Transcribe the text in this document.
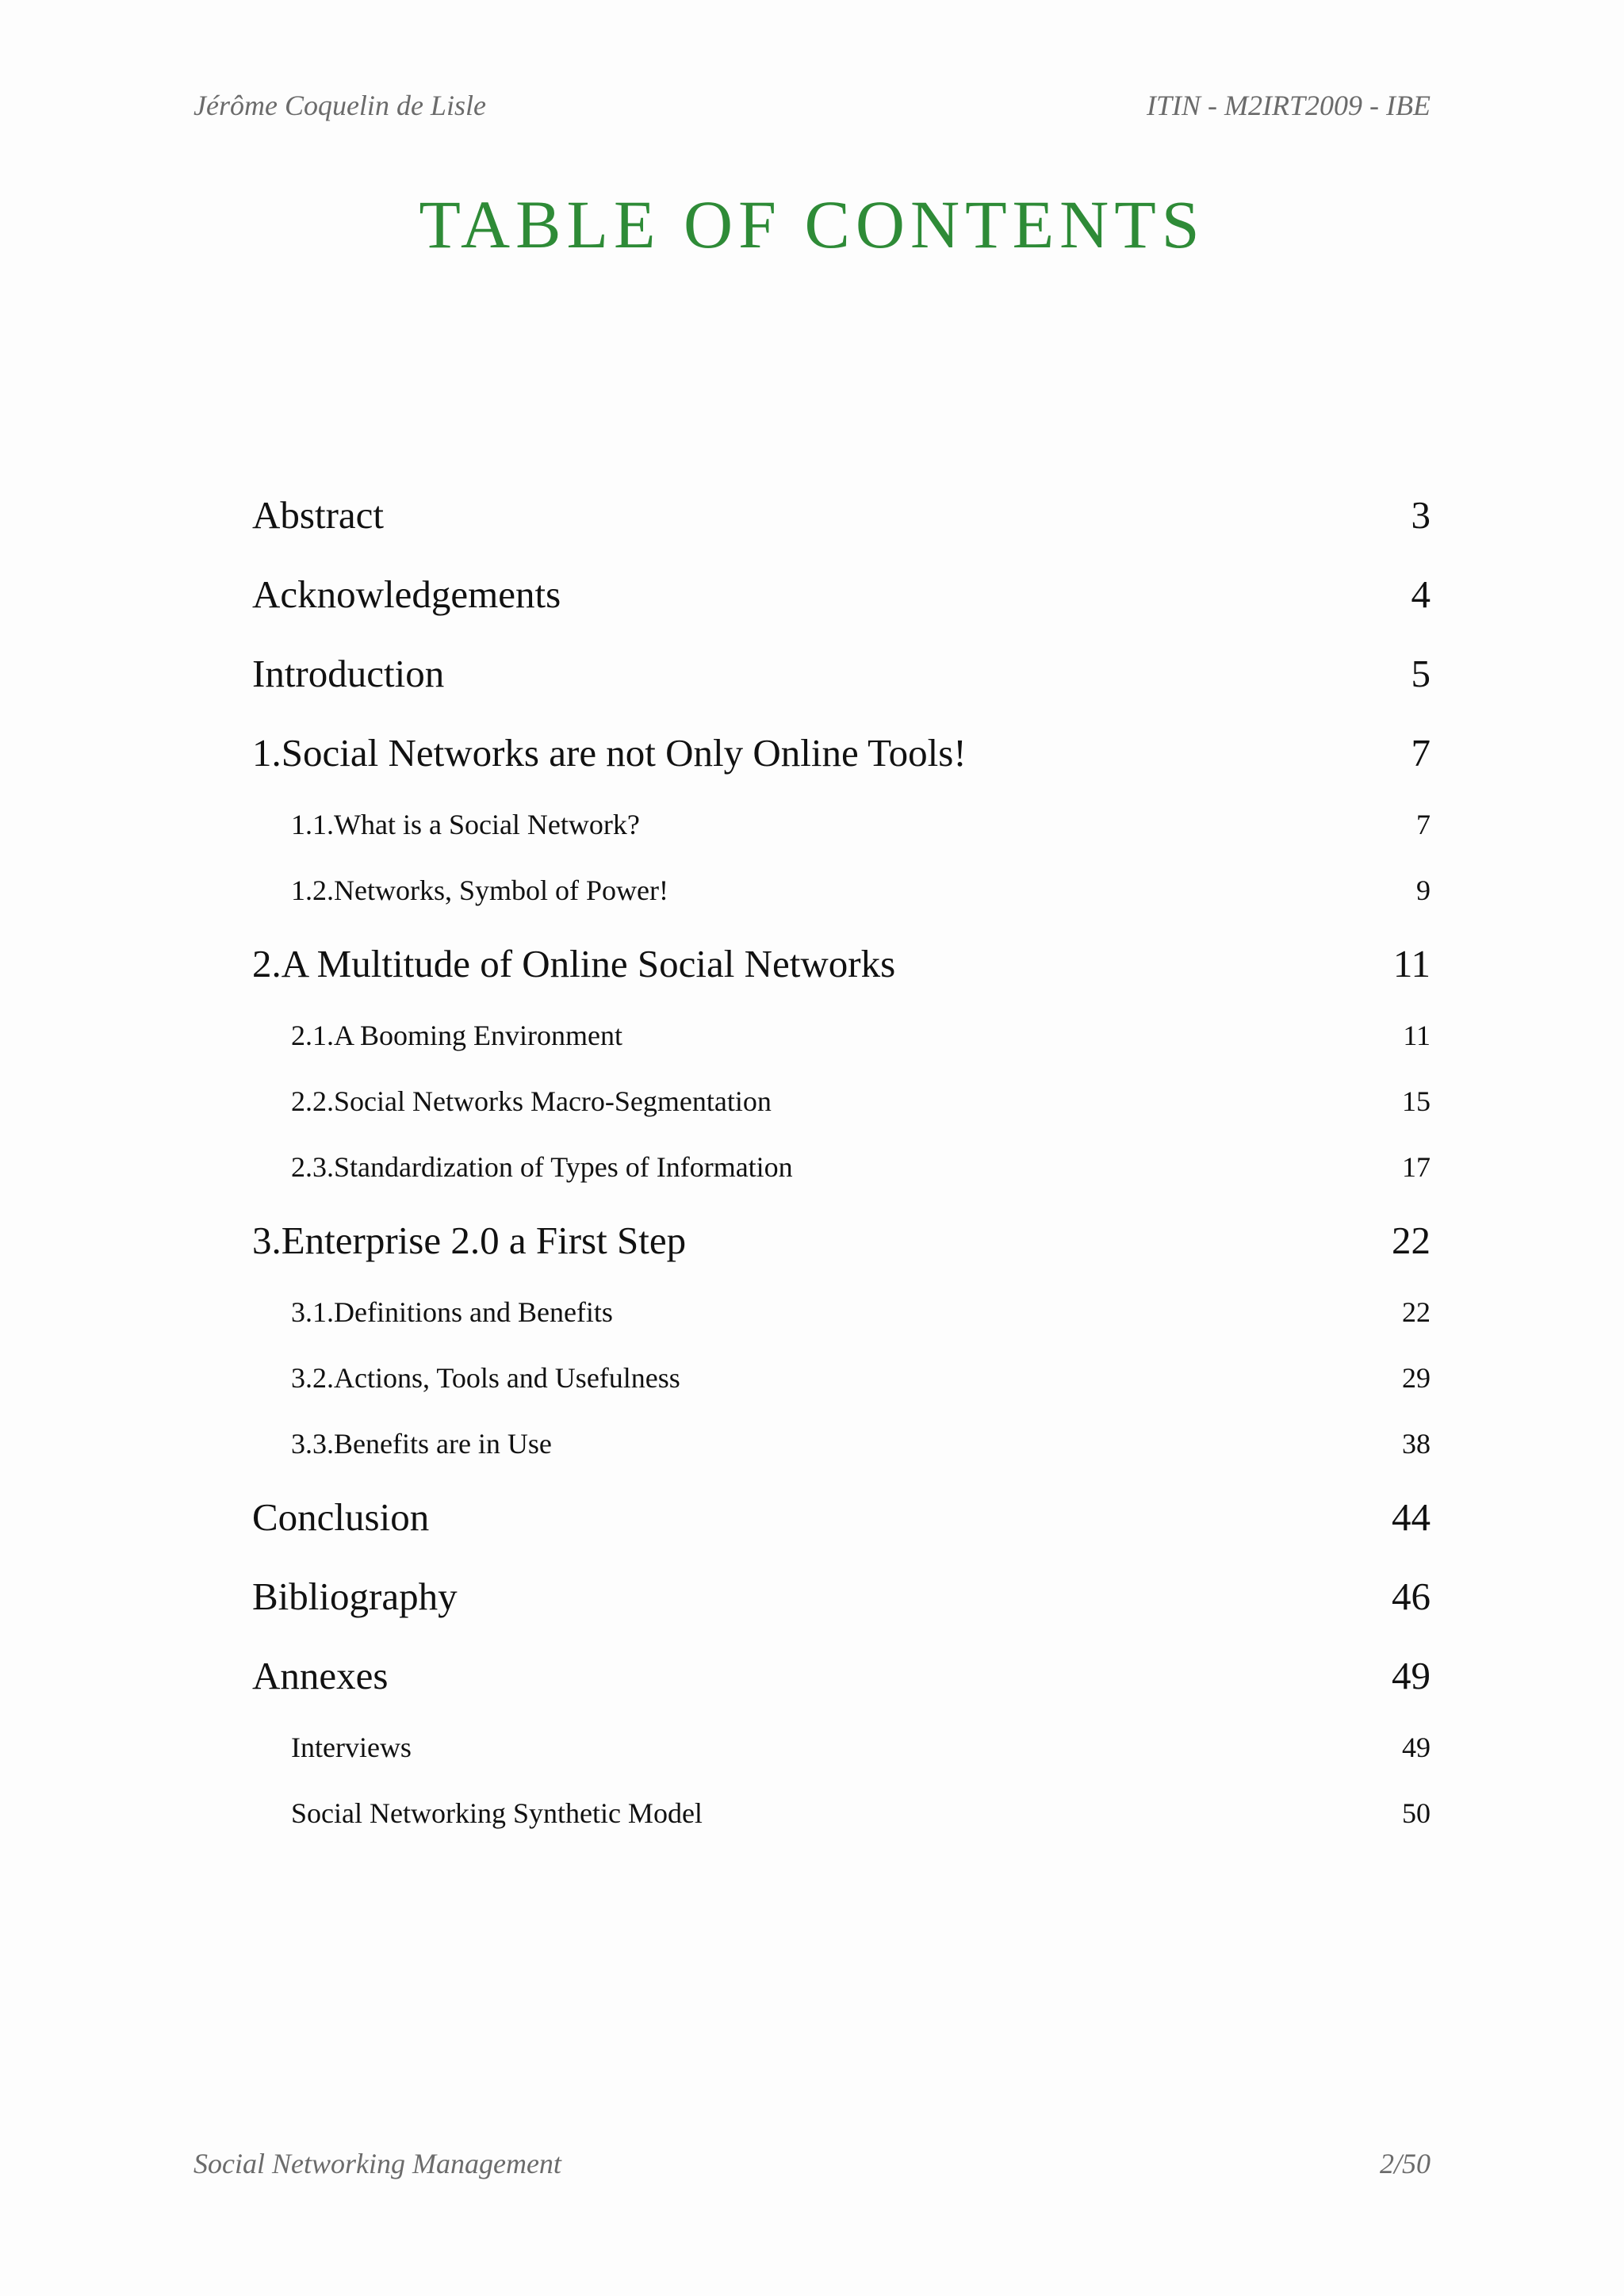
Jérôme Coquelin de Lisle	ITIN - M2IRT2009 - IBE
TABLE OF CONTENTS
Abstract	3
Acknowledgements	4
Introduction	5
1.Social Networks are not Only Online Tools!	7
1.1.What is a Social Network?	7
1.2.Networks, Symbol of Power!	9
2.A Multitude of Online Social Networks	11
2.1.A Booming Environment	11
2.2.Social Networks Macro-Segmentation	15
2.3.Standardization of Types of Information	17
3.Enterprise 2.0 a First Step	22
3.1.Definitions and Benefits	22
3.2.Actions, Tools and Usefulness	29
3.3.Benefits are in Use	38
Conclusion	44
Bibliography	46
Annexes	49
Interviews	49
Social Networking Synthetic Model	50
Social Networking Management	2/50
